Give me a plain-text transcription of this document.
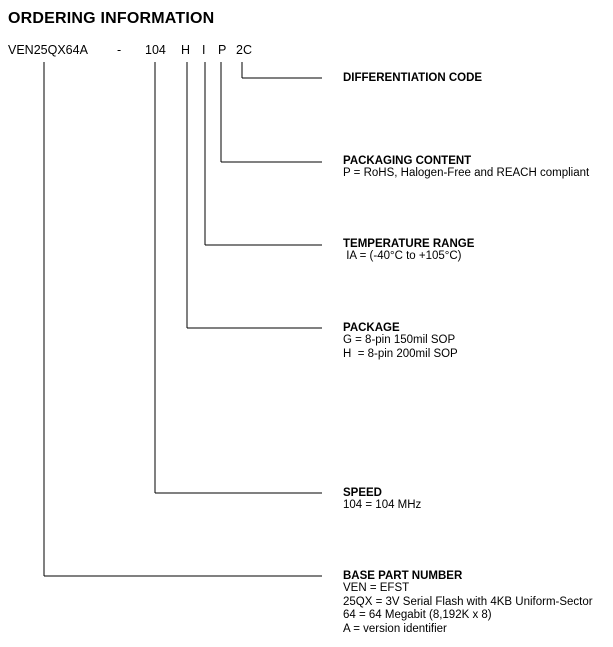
ORDERING INFORMATION
VEN25QX64A - 104 H I P 2C
DIFFERENTIATION CODE
PACKAGING CONTENT
P = RoHS, Halogen-Free and REACH compliant
TEMPERATURE RANGE
IA = (-40°C to +105°C)
PACKAGE
G = 8-pin 150mil SOP
H  = 8-pin 200mil SOP
SPEED
104 = 104 MHz
BASE PART NUMBER
VEN = EFST
25QX = 3V Serial Flash with 4KB Uniform-Sector
64 = 64 Megabit (8,192K x 8)
A = version identifier
